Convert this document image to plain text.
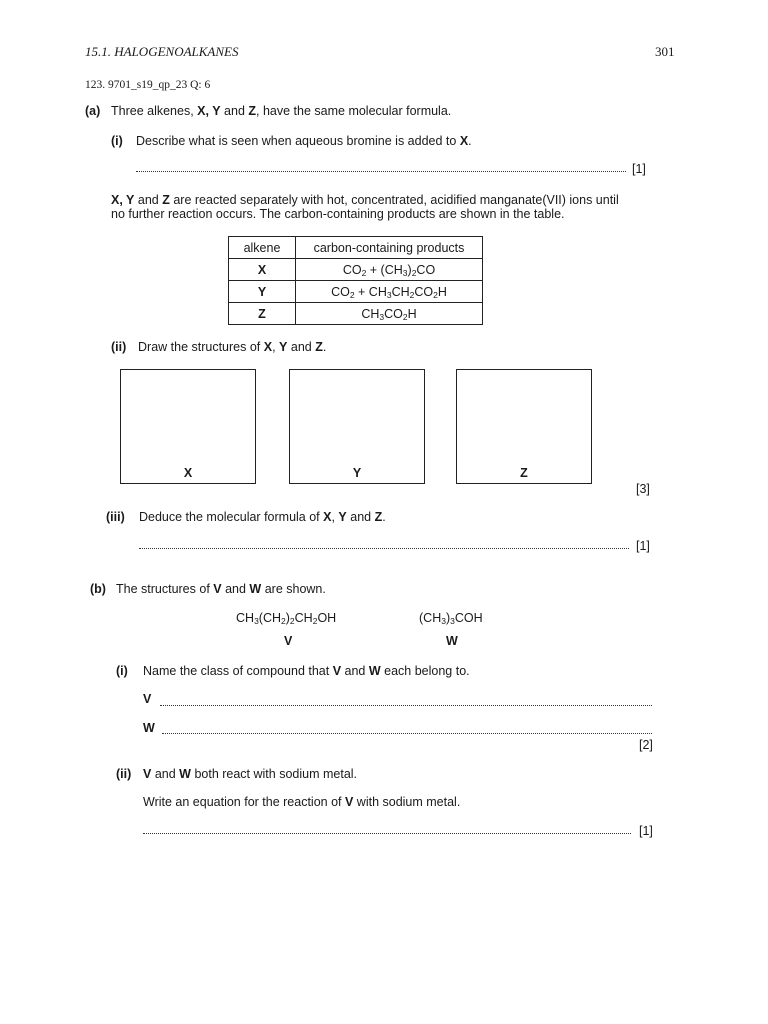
15.1. HALOGENOALKANES	301
123. 9701_s19_qp_23 Q: 6
(a) Three alkenes, X, Y and Z, have the same molecular formula.
(i) Describe what is seen when aqueous bromine is added to X.
[1]
X, Y and Z are reacted separately with hot, concentrated, acidified manganate(VII) ions until
no further reaction occurs. The carbon-containing products are shown in the table.
alkene	carbon-containing products
X	$CO_2 + (CH_3)_2CO$
Y	$CO_2 + CH_3CH_2CO_2H$
Z	$CH_3CO_2H$
(ii) Draw the structures of X, Y and Z.
X	Y	Z
[3]
(iii) Deduce the molecular formula of X, Y and Z.
[1]
(b) The structures of V and W are shown.
$CH_3(CH_2)_2CH_2OH$
V
$(CH_3)_3COH$
W
(i) Name the class of compound that V and W each belong to.
V
W
[2]
(ii) V and W both react with sodium metal.
Write an equation for the reaction of V with sodium metal.
[1]
